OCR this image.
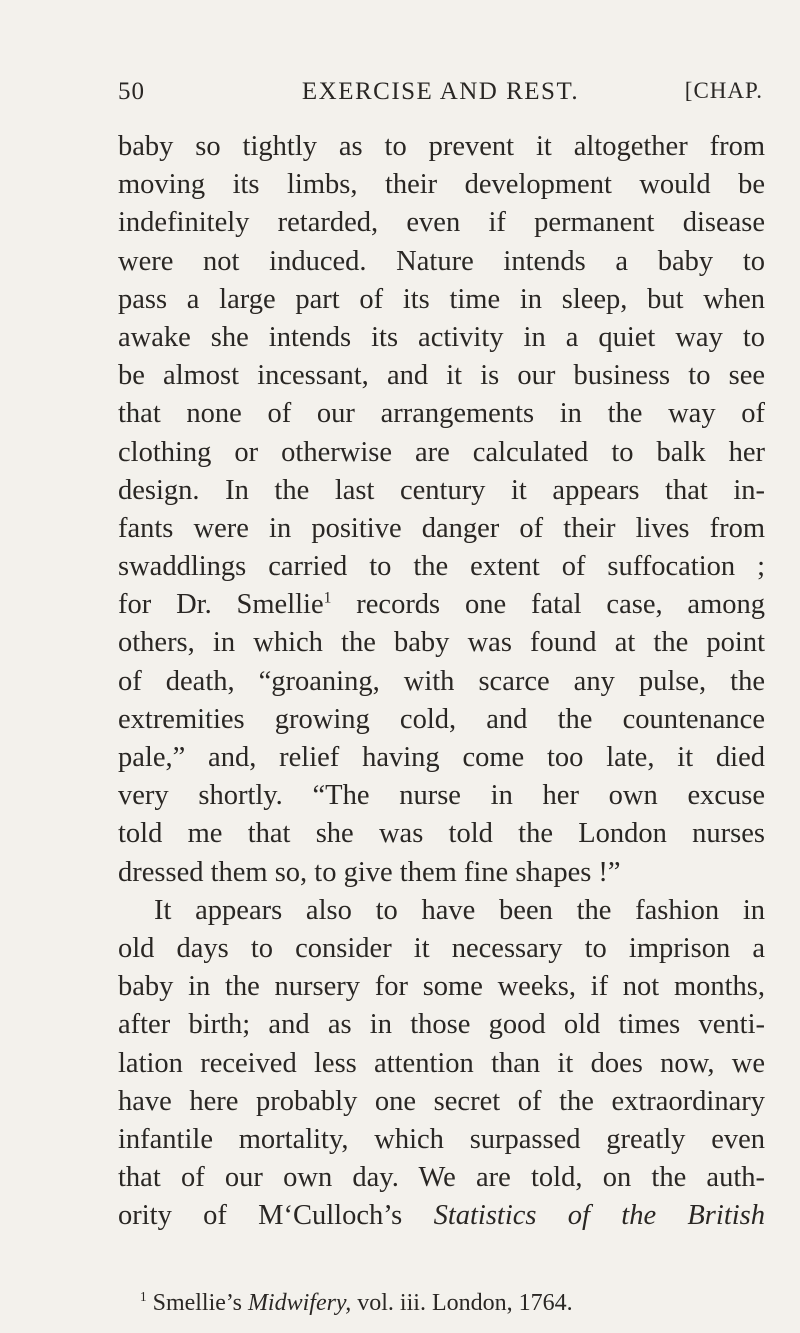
50	EXERCISE AND REST.	[CHAP.
baby so tightly as to prevent it altogether from
moving its limbs, their development would be
indefinitely retarded, even if permanent disease
were not induced. Nature intends a baby to
pass a large part of its time in sleep, but when
awake she intends its activity in a quiet way to
be almost incessant, and it is our business to see
that none of our arrangements in the way of
clothing or otherwise are calculated to balk her
design. In the last century it appears that in-
fants were in positive danger of their lives from
swaddlings carried to the extent of suffocation ;
for Dr. Smellie$^1$ records one fatal case, among
others, in which the baby was found at the point
of death, “groaning, with scarce any pulse, the
extremities growing cold, and the countenance
pale,” and, relief having come too late, it died
very shortly. “The nurse in her own excuse
told me that she was told the London nurses
dressed them so, to give them fine shapes !”
It appears also to have been the fashion in
old days to consider it necessary to imprison a
baby in the nursery for some weeks, if not months,
after birth; and as in those good old times venti-
lation received less attention than it does now, we
have here probably one secret of the extraordinary
infantile mortality, which surpassed greatly even
that of our own day. We are told, on the auth-
ority of M‘Culloch’s Statistics of the British
$^1$ Smellie’s Midwifery, vol. iii. London, 1764.
